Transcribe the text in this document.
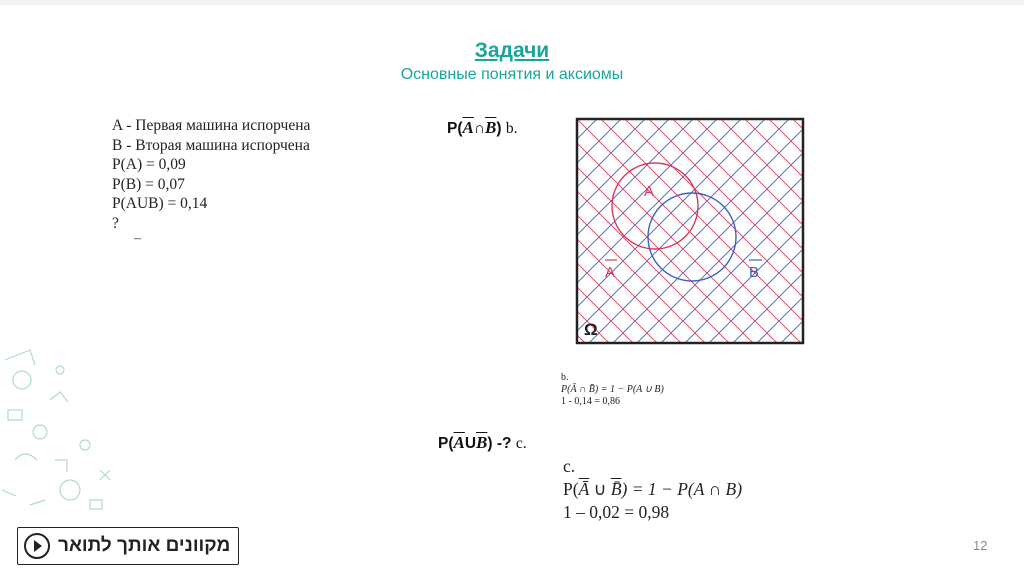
Задачи
Основные понятия и аксиомы
A - Первая машина испорчена
B - Вторая машина испорчена
P(A) = 0,09
P(B) = 0,07
P(AUB) = 0,14
?
–
$P(\overline{A}\cap\overline{B})$ b.
A
A	B
Ω
b.
P(Ā ∩ B̄) = 1 − P(A ∪ B)
1 - 0,14 = 0,86
$P(\overline{A}U\overline{B})$ -? c.
c.
$P(\overline{Ā}$ ∪ B̄) = 1 − P(A ∩ B)
1 – 0,02 = 0,98
מקוונים אותך לתואר	12
